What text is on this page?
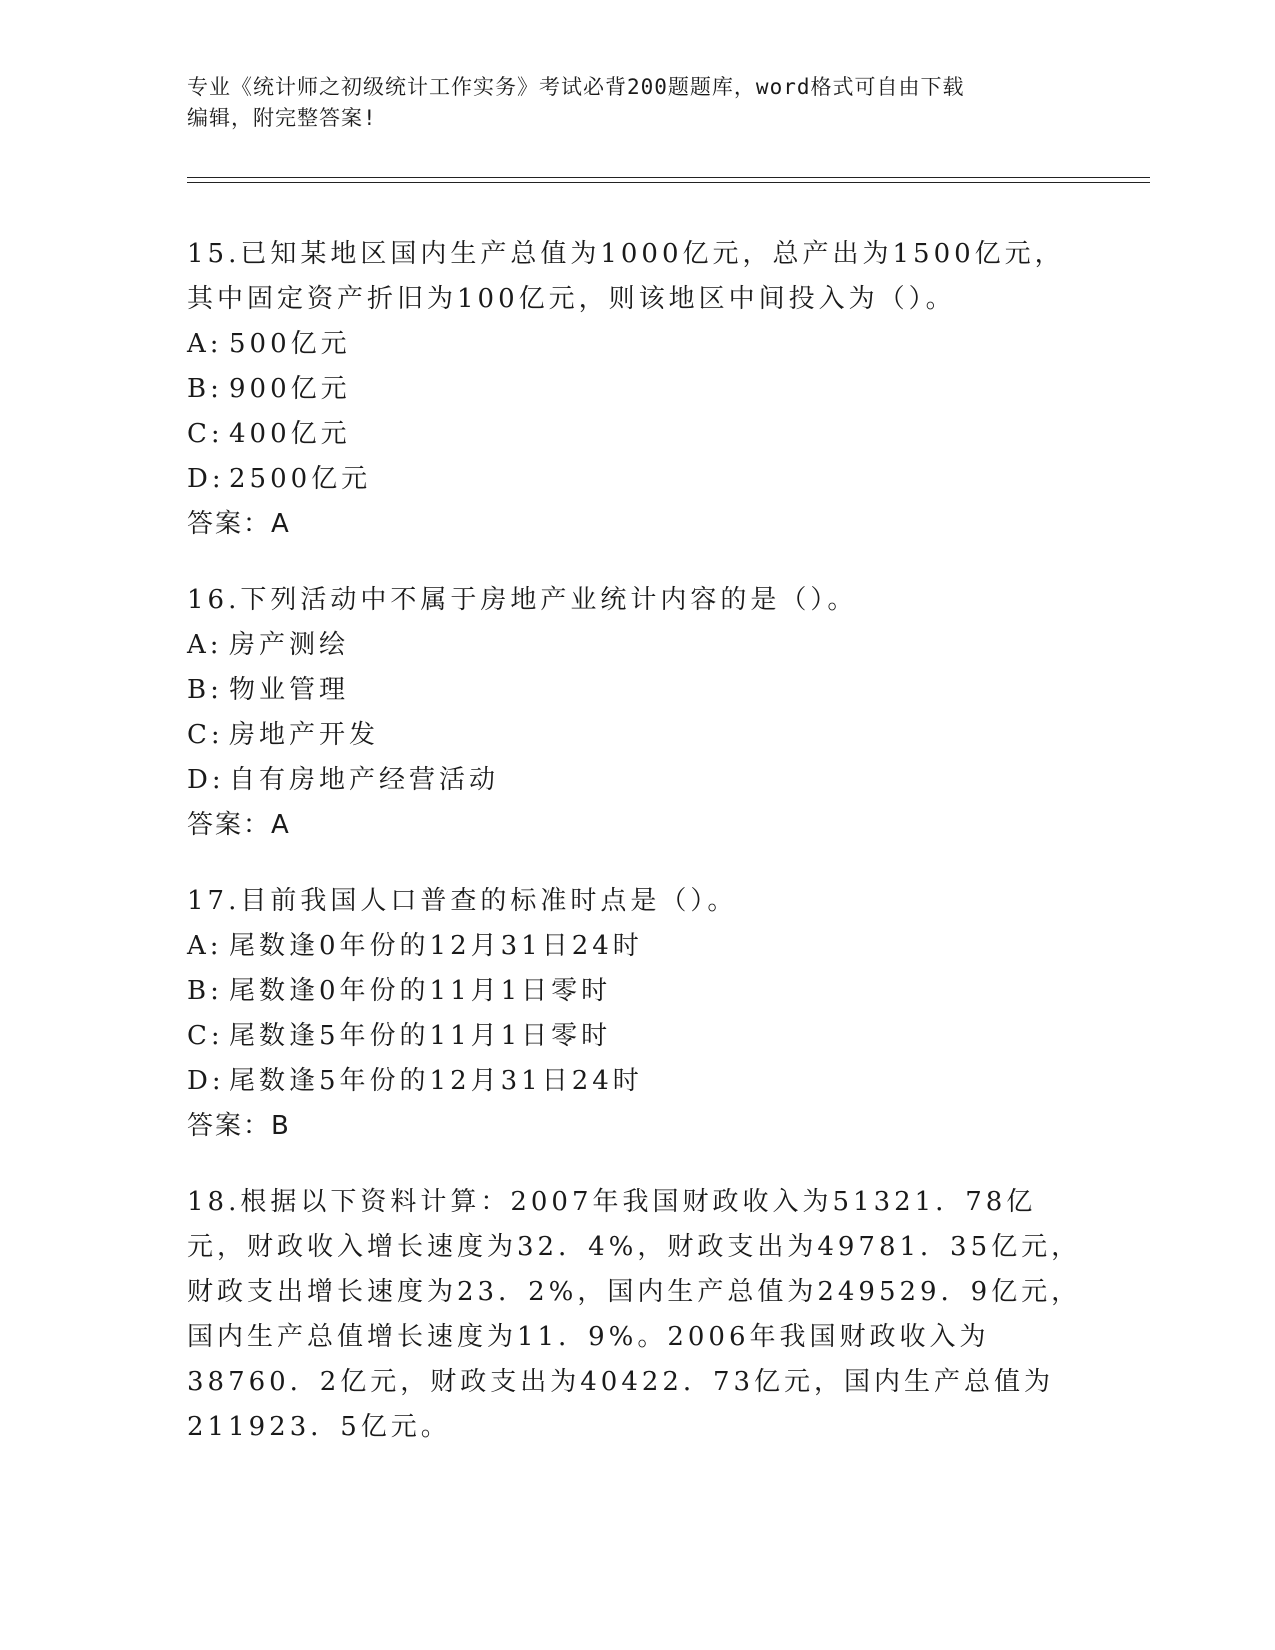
专业《统计师之初级统计工作实务》考试必背200题题库，word格式可自由下载
编辑，附完整答案!

15.已知某地区国内生产总值为1000亿元，总产出为1500亿元，其中固定资产折旧为100亿元，则该地区中间投入为（）。

A: 500亿元
B: 900亿元
C: 400亿元
D: 2500亿元

答案：A

16.下列活动中不属于房地产业统计内容的是（）。

A: 房产测绘
B: 物业管理
C: 房地产开发
D: 自有房地产经营活动

答案：A

17.目前我国人口普查的标准时点是（）。

A: 尾数逢0年份的12月31日24时
B: 尾数逢0年份的11月1日零时
C: 尾数逢5年份的11月1日零时
D: 尾数逢5年份的12月31日24时

答案：B

18.根据以下资料计算：2007年我国财政收入为51321．78亿元，财政收入增长速度为32．4%，财政支出为49781．35亿元，财政支出增长速度为23．2%，国内生产总值为249529．9亿元，国内生产总值增长速度为11．9%。2006年我国财政收入为38760．2亿元，财政支出为40422．73亿元，国内生产总值为211923．5亿元。
